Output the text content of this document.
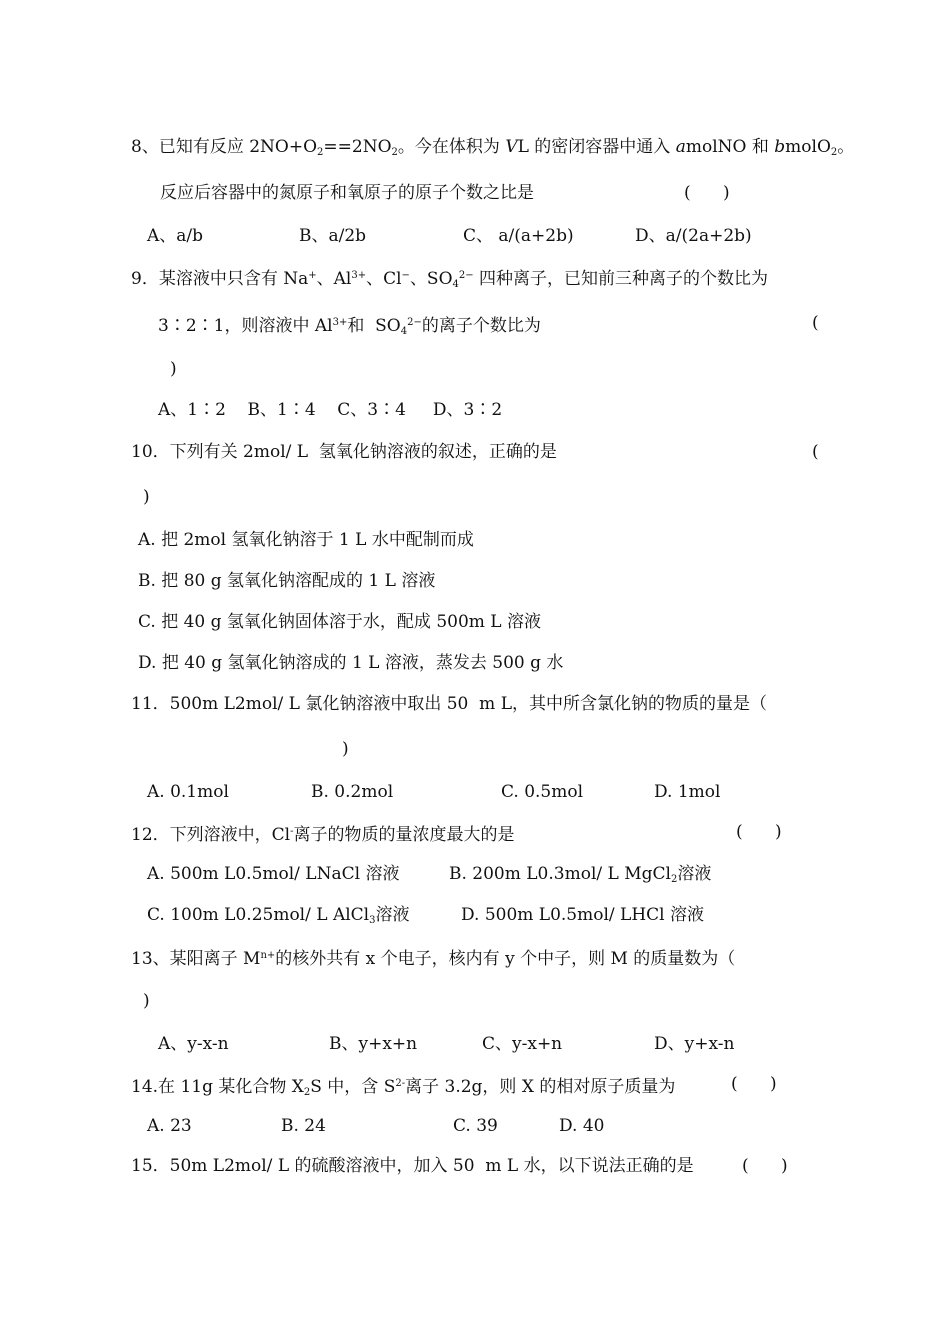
8、已知有反应 $2NO+O_2==2NO_2$。今在体积为 VL 的密闭容器中通入 amolNO 和 bmolO$_2$。
反应后容器中的氮原子和氧原子的原子个数之比是	(      )
A、a/b	B、a/2b	C、 a/(a+2b)	D、a/(2a+2b)
9．某溶液中只含有 Na+、$Al^{3+}$、Cl−、$SO_4^{2-}$ 四种离子，已知前三种离子的个数比为
3∶2∶1，则溶液中 $Al^{3+}$和  $SO_4^{2-}$的离子个数比为	(
)
A、1∶2    B、1∶4    C、3∶4     D、3∶2
10．下列有关 2mol/ L  氢氧化钠溶液的叙述，正确的是	(
)
A. 把 2mol 氢氧化钠溶于 1 L 水中配制而成
B. 把 80 g 氢氧化钠溶配成的 1 L 溶液
C. 把 40 g 氢氧化钠固体溶于水，配成 500m L 溶液
D. 把 40 g 氢氧化钠溶成的 1 L 溶液，蒸发去 500 g 水
11．500m L2mol/ L 氯化钠溶液中取出 50  m L，其中所含氯化钠的物质的量是（
)
A. 0.1mol	B. 0.2mol	C. 0.5mol	D. 1mol
12．下列溶液中，Cl-离子的物质的量浓度最大的是	(      )
A. 500m L0.5mol/ LNaCl 溶液	B. 200m L0.3mol/ L MgCl$_2$溶液
C. 100m L0.25mol/ L AlCl$_3$溶液	D. 500m L0.5mol/ LHCl 溶液
13、某阳离子 $M^{n+}$的核外共有 x 个电子，核内有 y 个中子，则 M 的质量数为（
)
A、y-x-n	B、y+x+n	C、y-x+n	D、y+x-n
14.在 11g 某化合物 $X_2S$ 中，含 $S^{2-}$离子 3.2g，则 X 的相对原子质量为	(      )
A. 23	B. 24	C. 39	D. 40
15．50m L2mol/ L 的硫酸溶液中，加入 50  m L 水，以下说法正确的是	(      )
